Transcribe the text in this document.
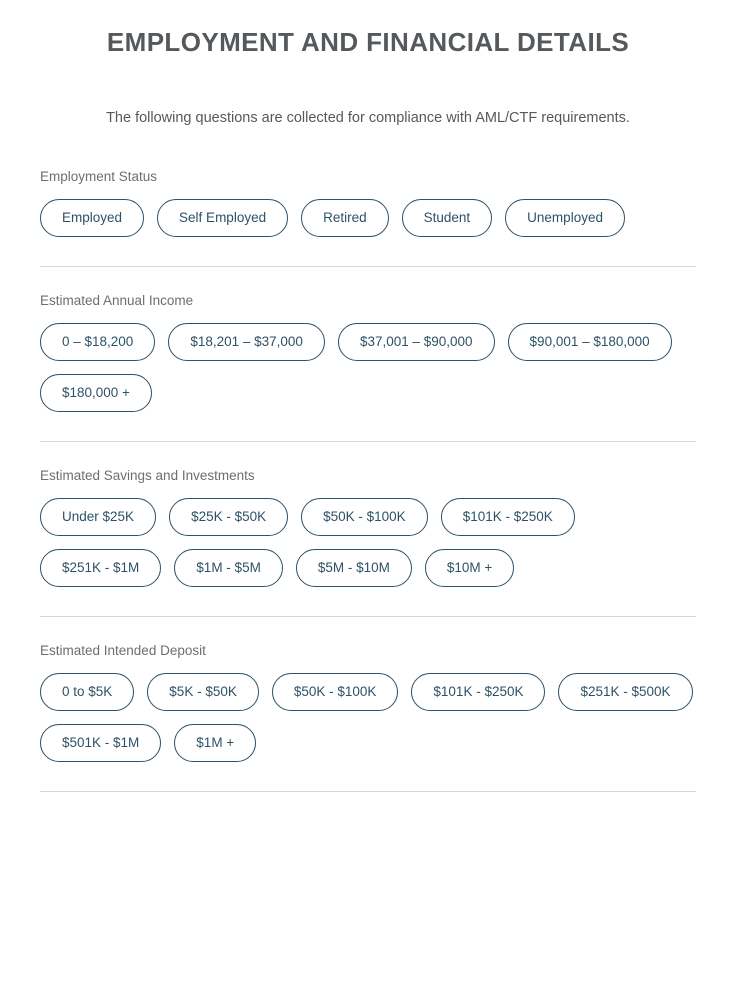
EMPLOYMENT AND FINANCIAL DETAILS

The following questions are collected for compliance with AML/CTF requirements.

Employment Status
Employed	Self Employed	Retired	Student	Unemployed
Estimated Annual Income
0 – $18,200	$18,201 – $37,000	$37,001 – $90,000	$90,001 – $180,000
$180,000 +
Estimated Savings and Investments
Under $25K	$25K - $50K	$50K - $100K	$101K - $250K
$251K - $1M	$1M - $5M	$5M - $10M	$10M +
Estimated Intended Deposit
0 to $5K	$5K - $50K	$50K - $100K	$101K - $250K	$251K - $500K
$501K - $1M	$1M +
